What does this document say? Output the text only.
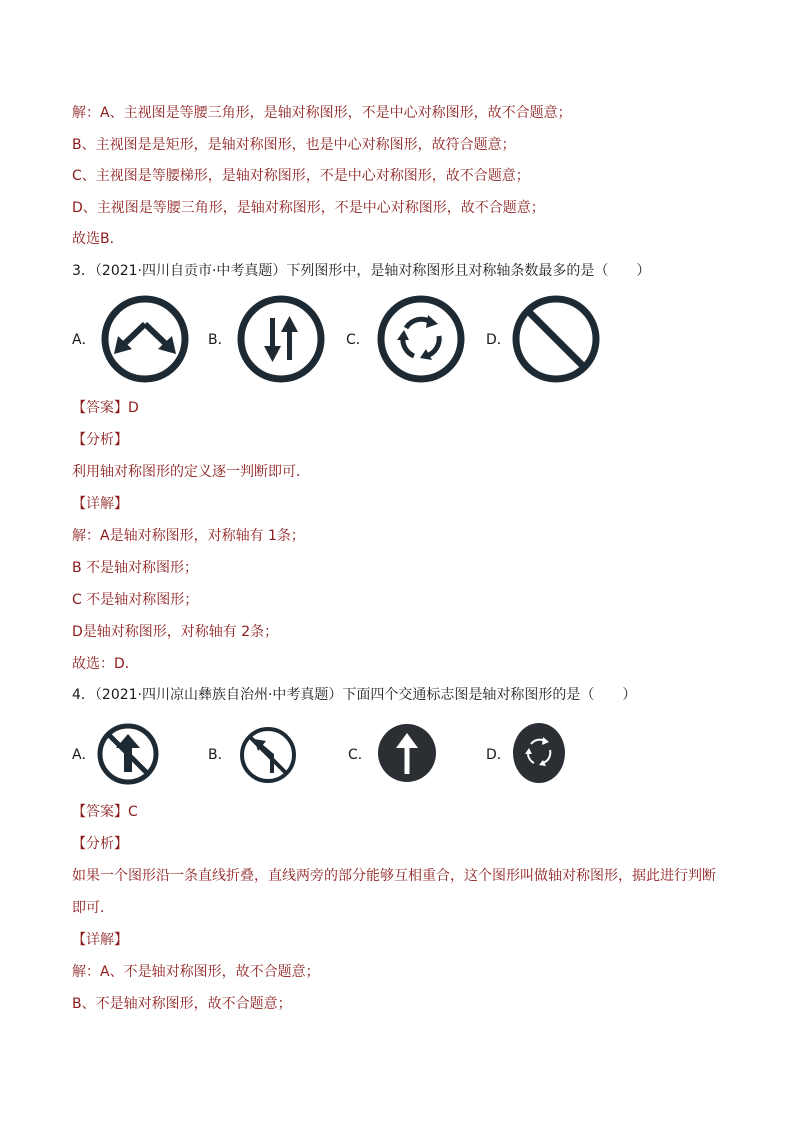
解：A、主视图是等腰三角形，是轴对称图形，不是中心对称图形，故不合题意；
B、主视图是是矩形，是轴对称图形，也是中心对称图形，故符合题意；
C、主视图是等腰梯形，是轴对称图形，不是中心对称图形，故不合题意；
D、主视图是等腰三角形，是轴对称图形，不是中心对称图形，故不合题意；
故选B．
3．（2021·四川自贡市·中考真题）下列图形中，是轴对称图形且对称轴条数最多的是（　　）
A．	B．	C．	D．
【答案】D
【分析】
利用轴对称图形的定义逐一判断即可．
【详解】
解：A是轴对称图形，对称轴有 1条；
B 不是轴对称图形；
C 不是轴对称图形；
D是轴对称图形，对称轴有 2条；
故选：D．
4．（2021·四川凉山彝族自治州·中考真题）下面四个交通标志图是轴对称图形的是（　　）
A．	B．	C．	D．
【答案】C
【分析】
如果一个图形沿一条直线折叠，直线两旁的部分能够互相重合，这个图形叫做轴对称图形，据此进行判断即可．
【详解】
解：A、不是轴对称图形，故不合题意；
B、不是轴对称图形，故不合题意；
